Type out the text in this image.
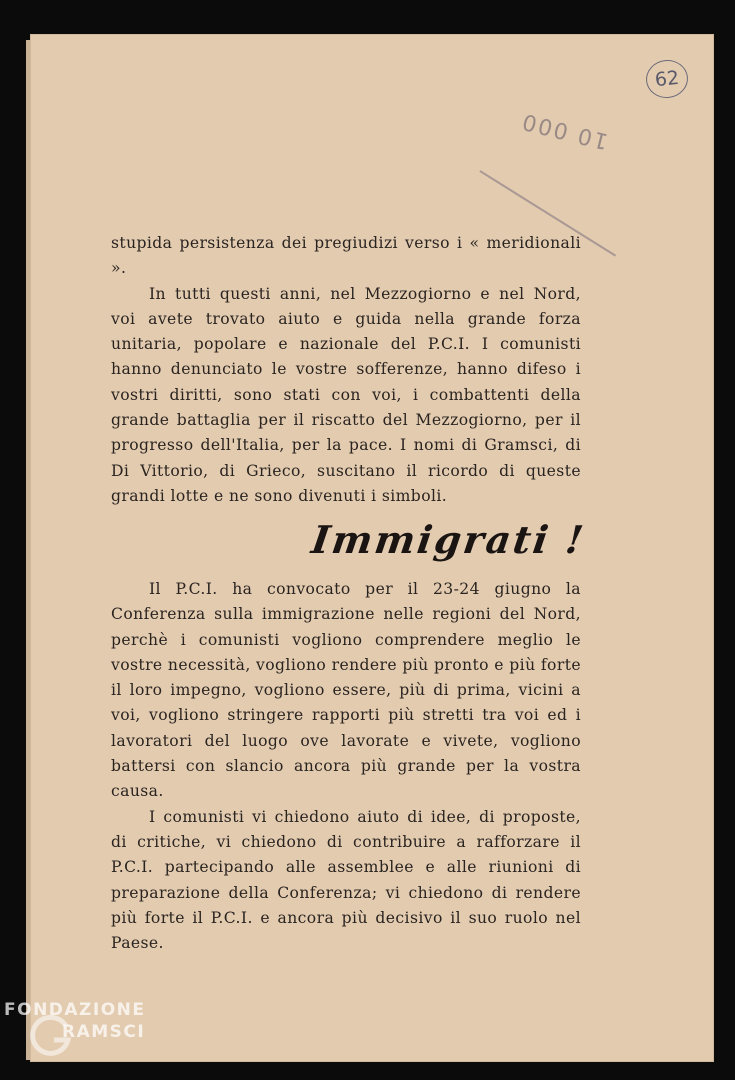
62
10 000

stupida persistenza dei pregiudizi verso i « meridionali ».

In tutti questi anni, nel Mezzogiorno e nel Nord, voi avete trovato aiuto e guida nella grande forza unitaria, popolare e nazionale del P.C.I. I comunisti hanno denunciato le vostre sofferenze, hanno difeso i vostri diritti, sono stati con voi, i combattenti della grande battaglia per il riscatto del Mezzogiorno, per il progresso dell'Italia, per la pace. I nomi di Gramsci, di Di Vittorio, di Grieco, suscitano il ricordo di queste grandi lotte e ne sono divenuti i simboli.

Immigrati !

Il P.C.I. ha convocato per il 23-24 giugno la Conferenza sulla immigrazione nelle regioni del Nord, perchè i comunisti vogliono comprendere meglio le vostre necessità, vogliono rendere più pronto e più forte il loro impegno, vogliono essere, più di prima, vicini a voi, vogliono stringere rapporti più stretti tra voi ed i lavoratori del luogo ove lavorate e vivete, vogliono battersi con slancio ancora più grande per la vostra causa.

I comunisti vi chiedono aiuto di idee, di proposte, di critiche, vi chiedono di contribuire a rafforzare il P.C.I. partecipando alle assemblee e alle riunioni di preparazione della Conferenza; vi chiedono di rendere più forte il P.C.I. e ancora più decisivo il suo ruolo nel Paese.

FONDAZIONE
RAMSCI
